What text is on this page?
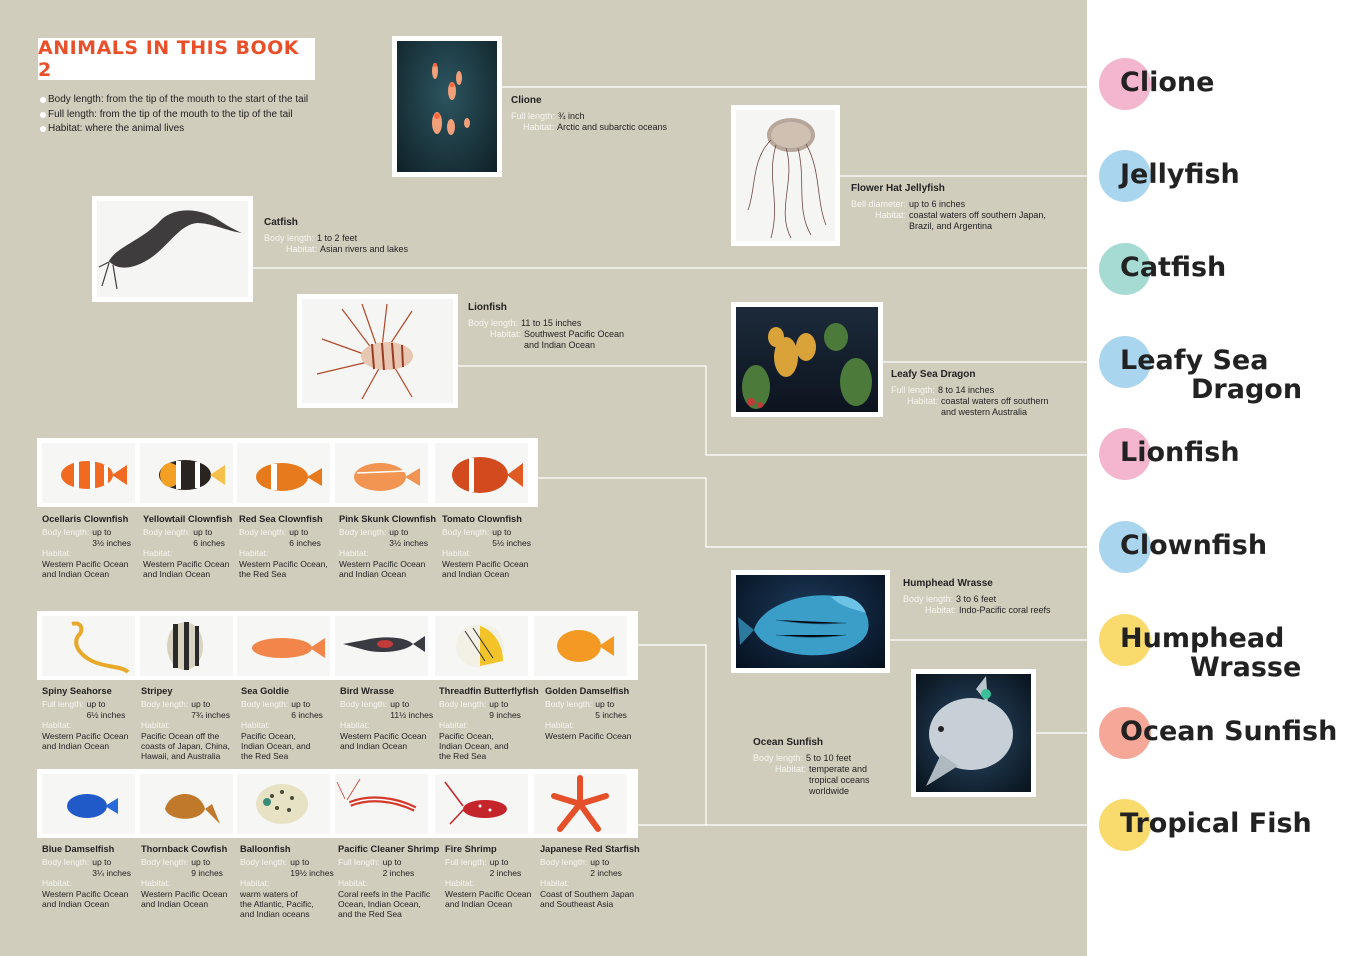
ANIMALS IN THIS BOOK 2
Body length: from the tip of the mouth to the start of the tail
Full length: from the tip of the mouth to the tip of the tail
Habitat: where the animal lives
Clione
Full length: ¾ inch
Habitat: Arctic and subarctic oceans
Flower Hat Jellyfish
Bell diameter: up to 6 inches
Habitat: coastal waters off southern Japan,
Brazil, and Argentina
Catfish
Body length: 1 to 2 feet
Habitat: Asian rivers and lakes
Lionfish
Body length: 11 to 15 inches
Habitat: Southwest Pacific Ocean
and Indian Ocean
Leafy Sea Dragon
Full length: 8 to 14 inches
Habitat: coastal waters off southern
and western Australia
Humphead Wrasse
Body length: 3 to 6 feet
Habitat: Indo-Pacific coral reefs
Ocean Sunfish
Body length: 5 to 10 feet
Habitat: temperate and
tropical oceans
worldwide
Ocellaris Clownfish
Body length: up to
3½ inches
Habitat:
Western Pacific Ocean
and Indian Ocean

Yellowtail Clownfish
Body length: up to
6 inches
Habitat:
Western Pacific Ocean
and Indian Ocean

Red Sea Clownfish
Body length: up to
6 inches
Habitat:
Western Pacific Ocean,
the Red Sea

Pink Skunk Clownfish
Body length: up to
3½ inches
Habitat:
Western Pacific Ocean
and Indian Ocean

Tomato Clownfish
Body length: up to
5½ inches
Habitat:
Western Pacific Ocean
and Indian Ocean

Spiny Seahorse
Full length: up to
6½ inches
Habitat:
Western Pacific Ocean
and Indian Ocean

Stripey
Body length: up to
7¾ inches
Habitat:
Pacific Ocean off the
coasts of Japan, China,
Hawaii, and Australia
Sea Goldie
Body length: up to
6 inches
Habitat:
Pacific Ocean,
Indian Ocean, and
the Red Sea
Bird Wrasse
Body length: up to
11½ inches
Habitat:
Western Pacific Ocean
and Indian Ocean

Threadfin Butterflyfish
Body length: up to
9 inches
Habitat:
Pacific Ocean,
Indian Ocean, and
the Red Sea
Golden Damselfish
Body length: up to
5 inches
Habitat:
Western Pacific Ocean

Blue Damselfish
Body length: up to
3¼ inches
Habitat:
Western Pacific Ocean
and Indian Ocean

Thornback Cowfish
Body length: up to
9 inches
Habitat:
Western Pacific Ocean
and Indian Ocean

Balloonfish
Body length: up to
19½ inches
Habitat:
warm waters of
the Atlantic, Pacific,
and Indian oceans
Pacific Cleaner Shrimp
Full length: up to
2 inches
Habitat:
Coral reefs in the Pacific
Ocean, Indian Ocean,
and the Red Sea
Fire Shrimp
Full length: up to
2 inches
Habitat:
Western Pacific Ocean
and Indian Ocean

Japanese Red Starfish
Body length: up to
2 inches
Habitat:
Coast of Southern Japan
and Southeast Asia

Clione
Jellyfish
Catfish
Leafy Sea
Dragon
Lionfish
Clownfish
Humphead
Wrasse
Ocean Sunfish
Tropical Fish
